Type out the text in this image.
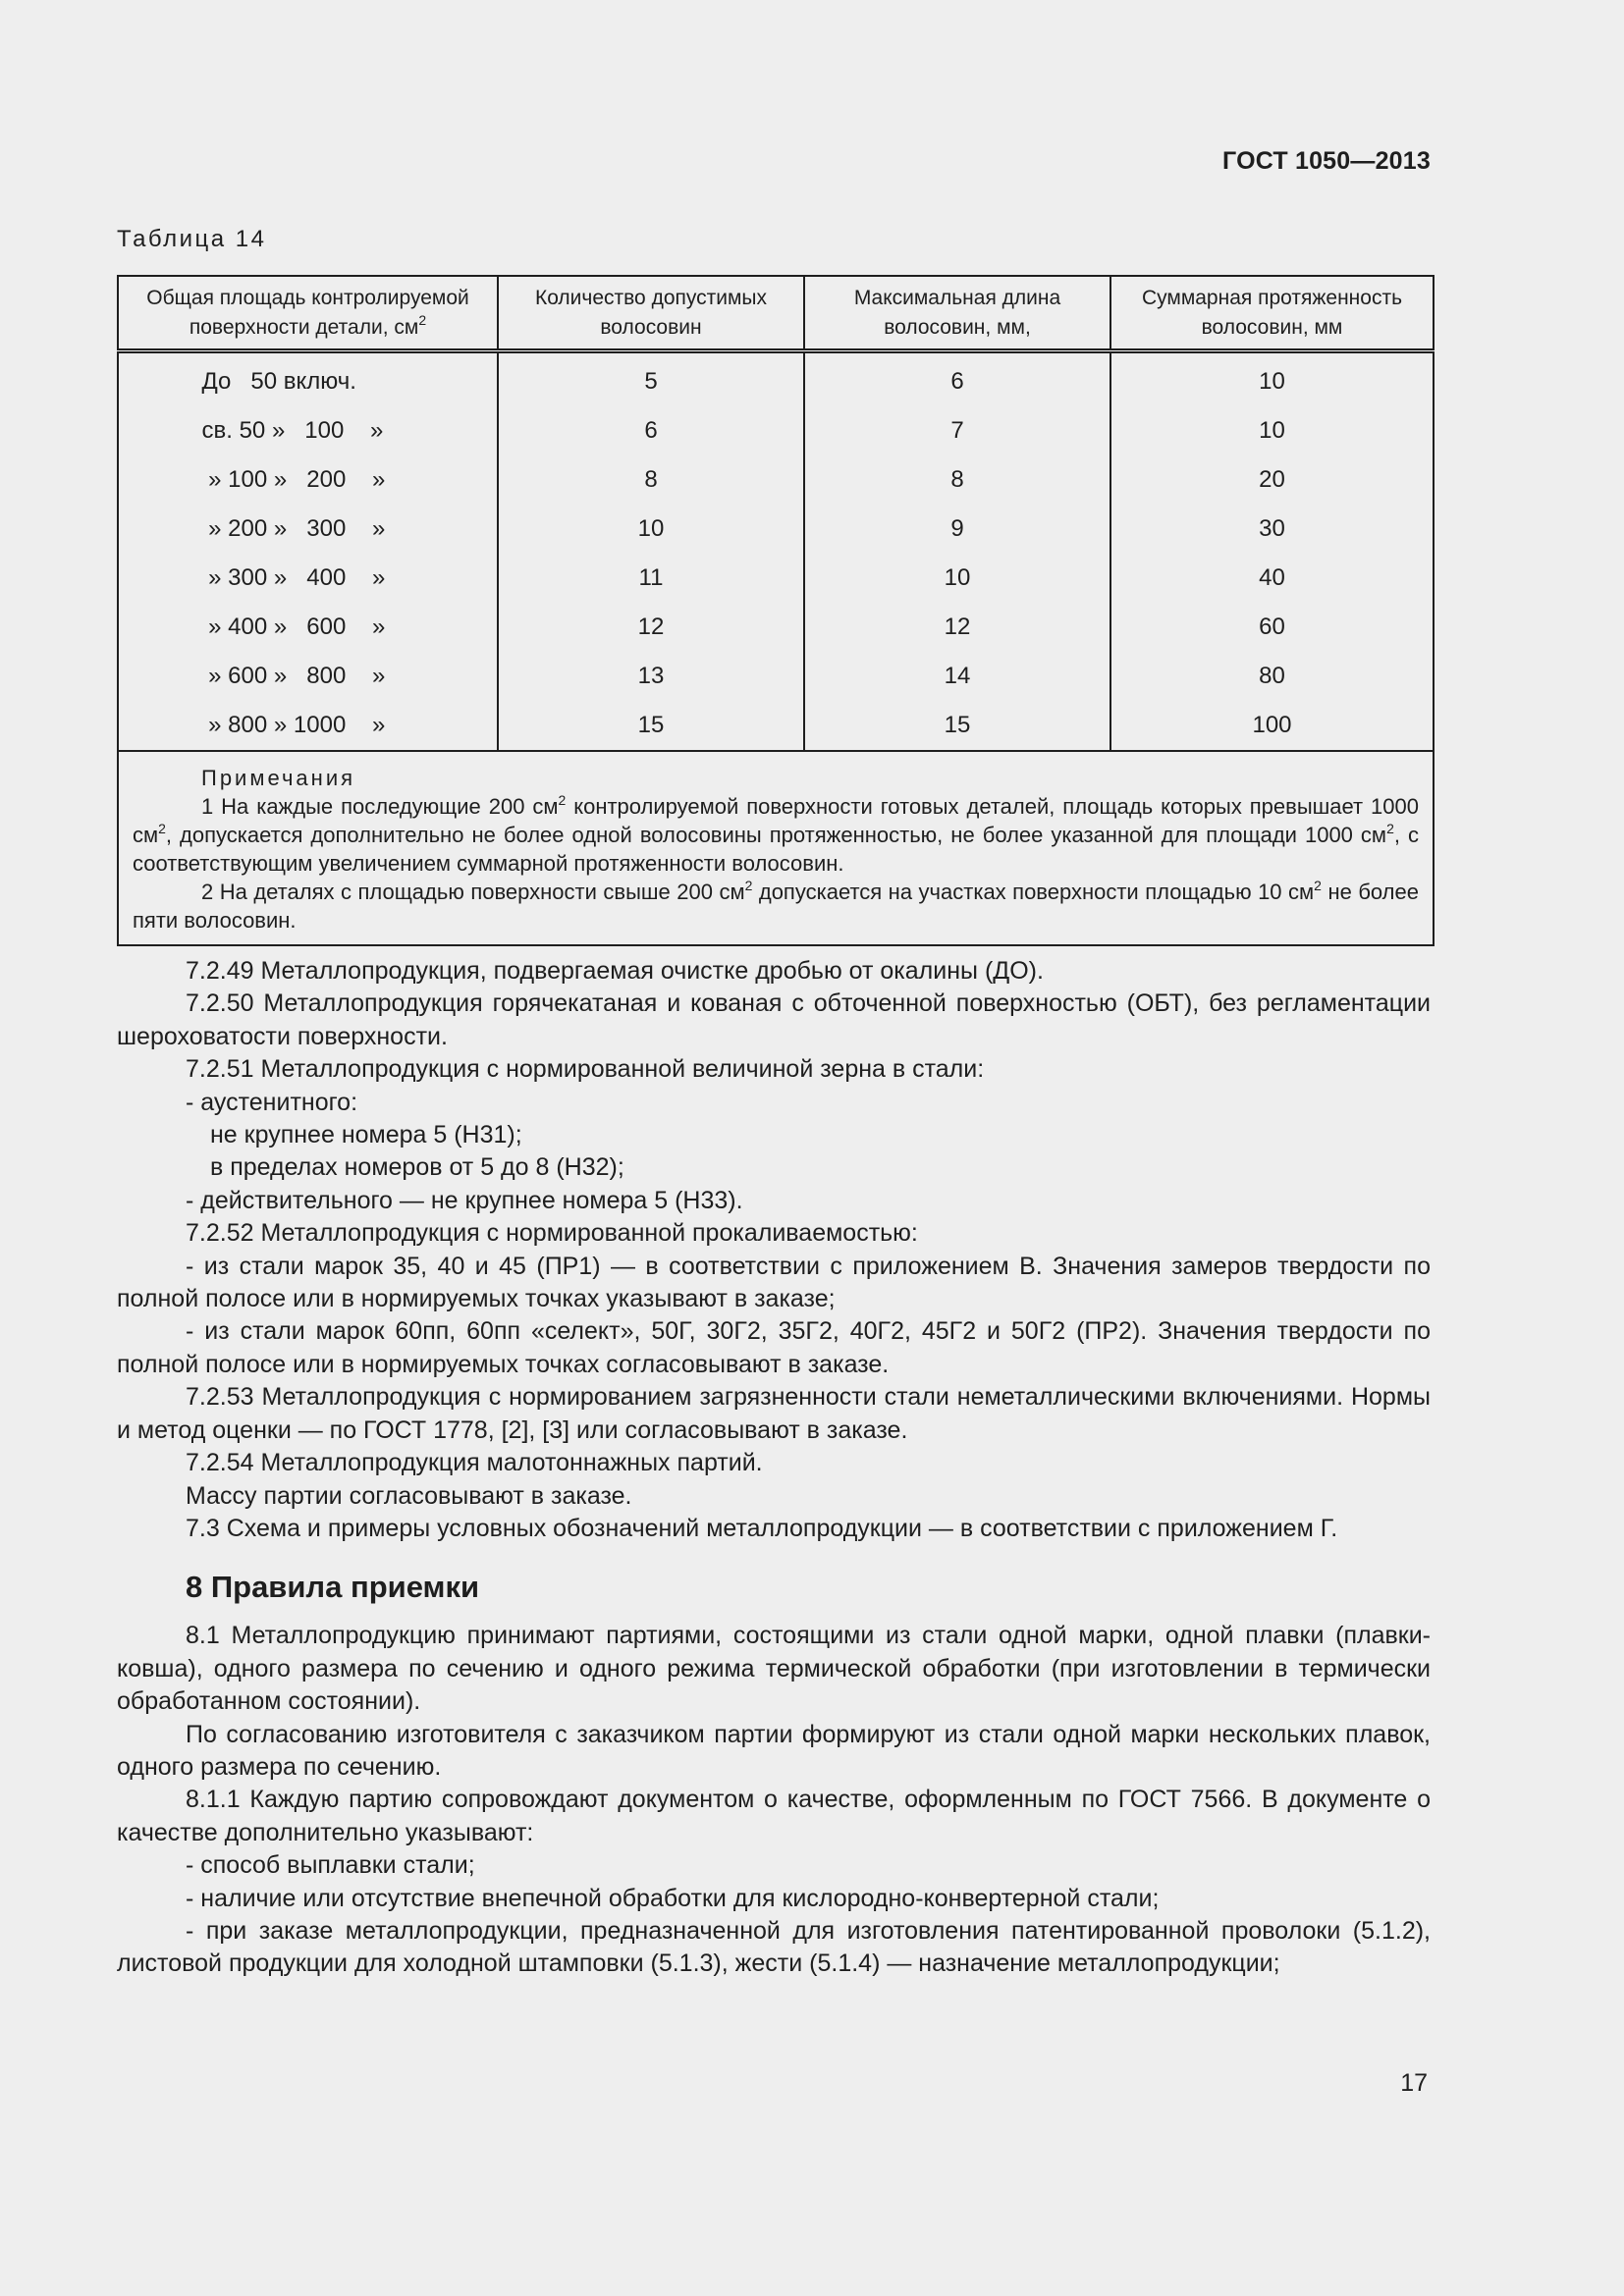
ГОСТ 1050—2013
Таблица 14
Общая площадь контролируемой поверхности детали, $см^2$	Количество допустимых волосовин	Максимальная длина волосовин, мм,	Суммарная протяженность волосовин, мм
До   50 включ.	5	6	10
св. 50 »   100    »	6	7	10
» 100 »   200    »	8	8	20
» 200 »   300    »	10	9	30
» 300 »   400    »	11	10	40
» 400 »   600    »	12	12	60
» 600 »   800    »	13	14	80
» 800 » 1000    »	15	15	100

Примечания

1 На каждые последующие 200 $см^2$ контролируемой поверхности готовых деталей, площадь которых превышает 1000 $см^2$, допускается дополнительно не более одной волосовины протяженностью, не более указанной для площади 1000 $см^2$, с соответствующим увеличением суммарной протяженности волосовин.

2 На деталях с площадью поверхности свыше 200 $см^2$ допускается на участках поверхности площадью 10 $см^2$ не более пяти волосовин.			

7.2.49 Металлопродукция, подвергаемая очистке дробью от окалины (ДО).

7.2.50 Металлопродукция горячекатаная и кованая с обточенной поверхностью (ОБТ), без регламентации шероховатости поверхности.

7.2.51 Металлопродукция с нормированной величиной зерна в стали:

- аустенитного:

не крупнее номера 5 (Н31);

в пределах номеров от 5 до 8 (Н32);

- действительного — не крупнее номера 5 (Н33).

7.2.52 Металлопродукция с нормированной прокаливаемостью:

- из стали марок 35, 40 и 45 (ПР1) — в соответствии с приложением В. Значения замеров твердости по полной полосе или в нормируемых точках указывают в заказе;

- из стали марок 60пп, 60пп «селект», 50Г, 30Г2, 35Г2, 40Г2, 45Г2 и 50Г2 (ПР2). Значения твердости по полной полосе или в нормируемых точках согласовывают в заказе.

7.2.53 Металлопродукция с нормированием загрязненности стали неметаллическими включениями. Нормы и метод оценки — по ГОСТ 1778, [2], [3] или согласовывают в заказе.

7.2.54 Металлопродукция малотоннажных партий.

Массу партии согласовывают в заказе.

7.3 Схема и примеры условных обозначений металлопродукции — в соответствии с приложением Г.

8 Правила приемки

8.1 Металлопродукцию принимают партиями, состоящими из стали одной марки, одной плавки (плавки-ковша), одного размера по сечению и одного режима термической обработки (при изготовлении в термически обработанном состоянии).

По согласованию изготовителя с заказчиком партии формируют из стали одной марки нескольких плавок, одного размера по сечению.

8.1.1 Каждую партию сопровождают документом о качестве, оформленным по ГОСТ 7566. В документе о качестве дополнительно указывают:

- способ выплавки стали;

- наличие или отсутствие внепечной обработки для кислородно-конвертерной стали;

- при заказе металлопродукции, предназначенной для изготовления патентированной проволоки (5.1.2), листовой продукции для холодной штамповки (5.1.3), жести (5.1.4) — назначение металлопродукции;

17
